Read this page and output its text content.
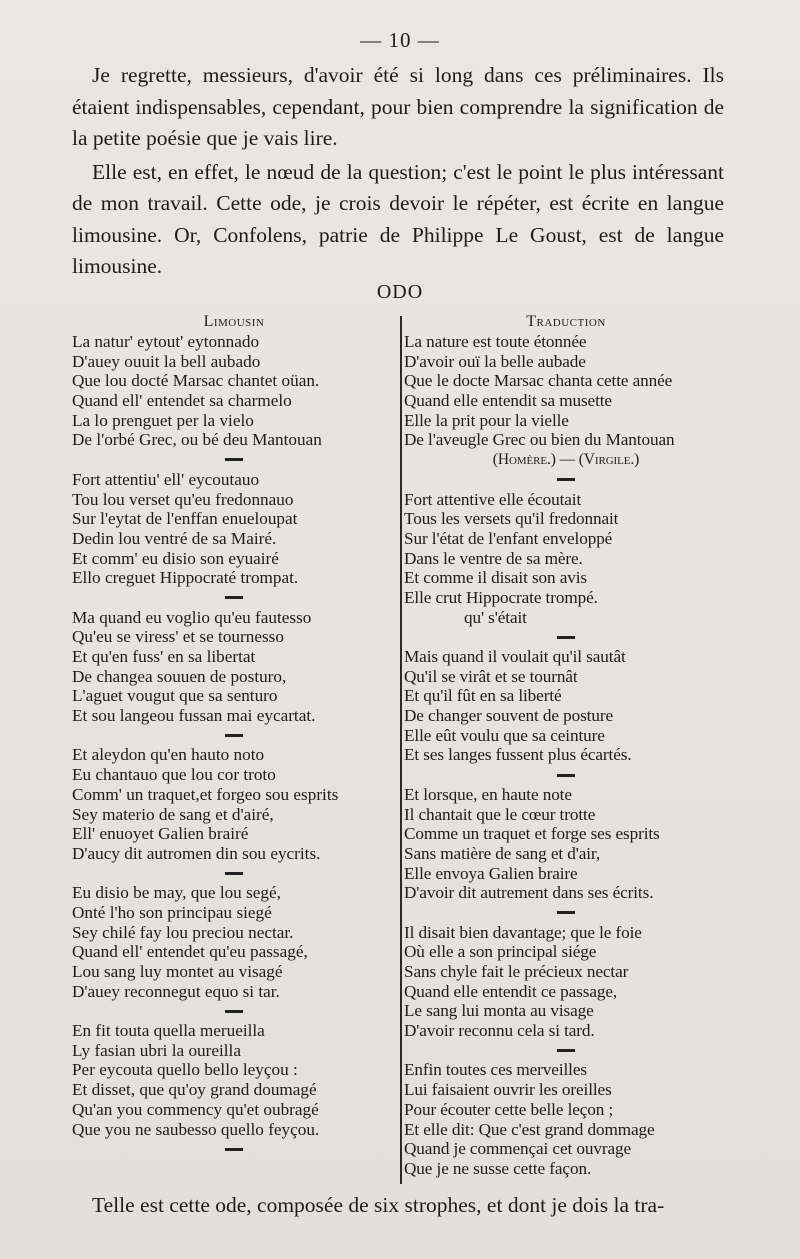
— 10 —

Je regrette, messieurs, d'avoir été si long dans ces préliminaires. Ils étaient indispensables, cependant, pour bien comprendre la signification de la petite poésie que je vais lire.

Elle est, en effet, le nœud de la question; c'est le point le plus intéressant de mon travail. Cette ode, je crois devoir le répéter, est écrite en langue limousine. Or, Confolens, patrie de Philippe Le Goust, est de langue limousine.

ODO
Limousin
La natur' eytout' eytonnado
D'auey ouuit la bell aubado
Que lou docté Marsac chantet oüan.
Quand ell' entendet sa charmelo
La lo prenguet per la vielo
De l'orbé Grec, ou bé deu Mantouan
Fort attentiu' ell' eycoutauo
Tou lou verset qu'eu fredonnauo
Sur l'eytat de l'enffan enueloupat
Dedin lou ventré de sa Mairé.
Et comm' eu disio son eyuairé
Ello creguet Hippocraté trompat.
Ma quand eu voglio qu'eu fautesso
Qu'eu se viress' et se tournesso
Et qu'en fuss' en sa libertat
De changea souuen de posturo,
L'aguet vougut que sa senturo
Et sou langeou fussan mai eycartat.
Et aleydon qu'en hauto noto
Eu chantauo que lou cor troto
Comm' un traquet,et forgeo sou esprits
Sey materio de sang et d'airé,
Ell' enuoyet Galien brairé
D'aucy dit autromen din sou eycrits.
Eu disio be may, que lou segé,
Onté l'ho son principau siegé
Sey chilé fay lou preciou nectar.
Quand ell' entendet qu'eu passagé,
Lou sang luy montet au visagé
D'auey reconnegut equo si tar.
En fit touta quella merueilla
Ly fasian ubri la oureilla
Per eycouta quello bello leyçou :
Et disset, que qu'oy grand doumagé
Qu'an you commency qu'et oubragé
Que you ne saubesso quello feyçou.
Traduction
La nature est toute étonnée
D'avoir ouï la belle aubade
Que le docte Marsac chanta cette année
Quand elle entendit sa musette
Elle la prit pour la vielle
De l'aveugle Grec ou bien du Mantouan
(Homère.) — (Virgile.)
Fort attentive elle écoutait
Tous les versets qu'il fredonnait
Sur l'état de l'enfant enveloppé
Dans le ventre de sa mère.
Et comme il disait son avis
Elle crut Hippocrate trompé.
qu' s'était
Mais quand il voulait qu'il sautât
Qu'il se virât et se tournât
Et qu'il fût en sa liberté
De changer souvent de posture
Elle eût voulu que sa ceinture
Et ses langes fussent plus écartés.
Et lorsque, en haute note
Il chantait que le cœur trotte
Comme un traquet et forge ses esprits
Sans matière de sang et d'air,
Elle envoya Galien braire
D'avoir dit autrement dans ses écrits.
Il disait bien davantage; que le foie
Où elle a son principal siége
Sans chyle fait le précieux nectar
Quand elle entendit ce passage,
Le sang lui monta au visage
D'avoir reconnu cela si tard.
Enfin toutes ces merveilles
Lui faisaient ouvrir les oreilles
Pour écouter cette belle leçon ;
Et elle dit: Que c'est grand dommage
Quand je commençai cet ouvrage
Que je ne susse cette façon.
Telle est cette ode, composée de six strophes, et dont je dois la tra-
